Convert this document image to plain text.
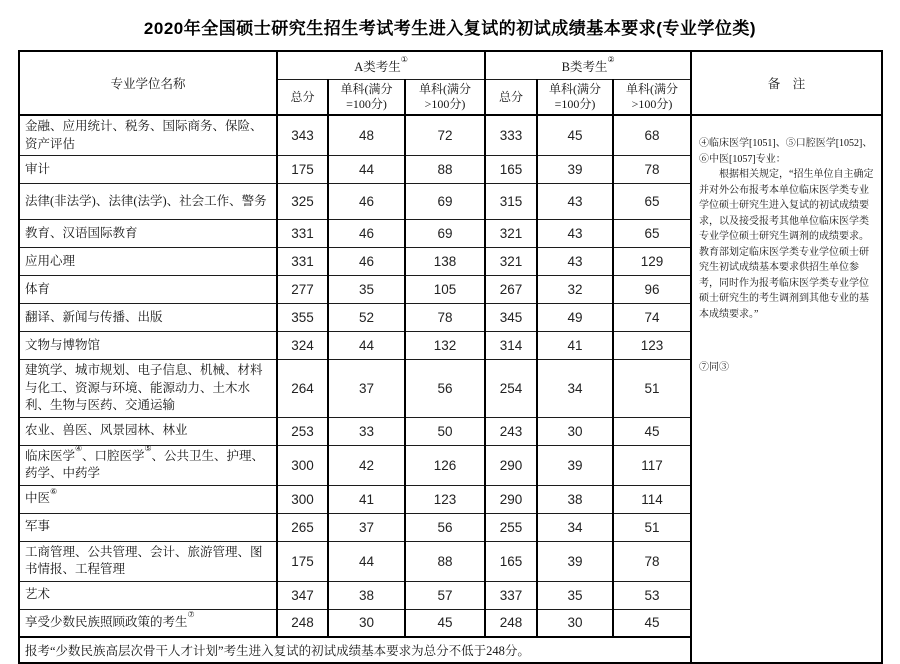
2020年全国硕士研究生招生考试考生进入复试的初试成绩基本要求(专业学位类)
专业学位名称	A类考生①			B类考生②			备　注
	总分	单科(满分=100分)	单科(满分>100分)	总分	单科(满分=100分)	单科(满分>100分)	
金融、应用统计、税务、国际商务、保险、资产评估	343	48	72	333	45	68	④临床医学[1051]、⑤口腔医学[1052]、⑥中医[1057]专业：
根据相关规定，“招生单位自主确定并对外公布报考本单位临床医学类专业学位硕士研究生进入复试的初试成绩要求，以及接受报考其他单位临床医学类专业学位硕士研究生调剂的成绩要求。教育部划定临床医学类专业学位硕士研究生初试成绩基本要求供招生单位参考，同时作为报考临床医学类专业学位硕士研究生的考生调剂到其他专业的基本成绩要求。”
⑦同③

审计	175	44	88	165	39	78	
法律(非法学)、法律(法学)、社会工作、警务	325	46	69	315	43	65	
教育、汉语国际教育	331	46	69	321	43	65	
应用心理	331	46	138	321	43	129	
体育	277	35	105	267	32	96	
翻译、新闻与传播、出版	355	52	78	345	49	74	
文物与博物馆	324	44	132	314	41	123	
建筑学、城市规划、电子信息、机械、材料与化工、资源与环境、能源动力、土木水利、生物与医药、交通运输	264	37	56	254	34	51	
农业、兽医、风景园林、林业	253	33	50	243	30	45	
临床医学④、口腔医学⑤、公共卫生、护理、药学、中药学	300	42	126	290	39	117	
中医⑥	300	41	123	290	38	114	
军事	265	37	56	255	34	51	
工商管理、公共管理、会计、旅游管理、图书情报、工程管理	175	44	88	165	39	78	
艺术	347	38	57	337	35	53	
享受少数民族照顾政策的考生⑦	248	30	45	248	30	45	
报考“少数民族高层次骨干人才计划”考生进入复试的初试成绩基本要求为总分不低于248分。							
